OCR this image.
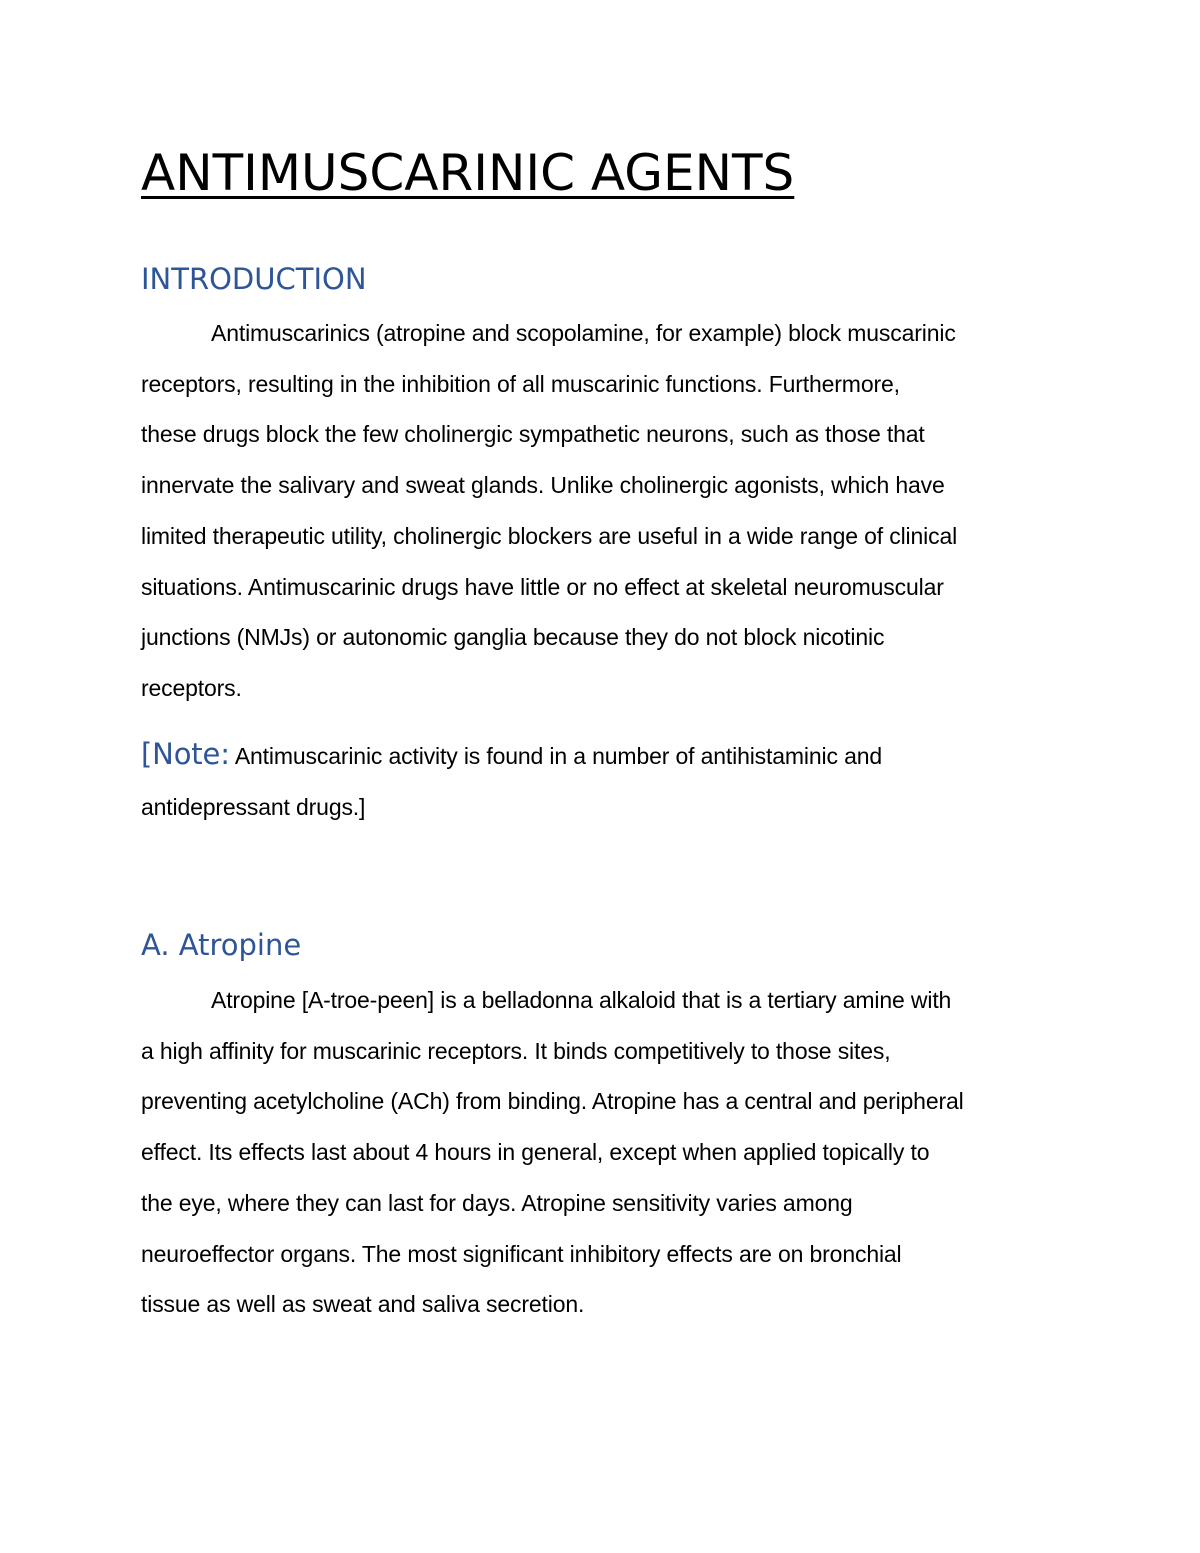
ANTIMUSCARINIC AGENTS
INTRODUCTION

Antimuscarinics (atropine and scopolamine, for example) block muscarinic
receptors, resulting in the inhibition of all muscarinic functions. Furthermore,
these drugs block the few cholinergic sympathetic neurons, such as those that
innervate the salivary and sweat glands. Unlike cholinergic agonists, which have
limited therapeutic utility, cholinergic blockers are useful in a wide range of clinical
situations. Antimuscarinic drugs have little or no effect at skeletal neuromuscular
junctions (NMJs) or autonomic ganglia because they do not block nicotinic
receptors.

[Note: Antimuscarinic activity is found in a number of antihistaminic and
antidepressant drugs.]

A. Atropine

Atropine [A-troe-peen] is a belladonna alkaloid that is a tertiary amine with
a high affinity for muscarinic receptors. It binds competitively to those sites,
preventing acetylcholine (ACh) from binding. Atropine has a central and peripheral
effect. Its effects last about 4 hours in general, except when applied topically to
the eye, where they can last for days. Atropine sensitivity varies among
neuroeffector organs. The most significant inhibitory effects are on bronchial
tissue as well as sweat and saliva secretion.
